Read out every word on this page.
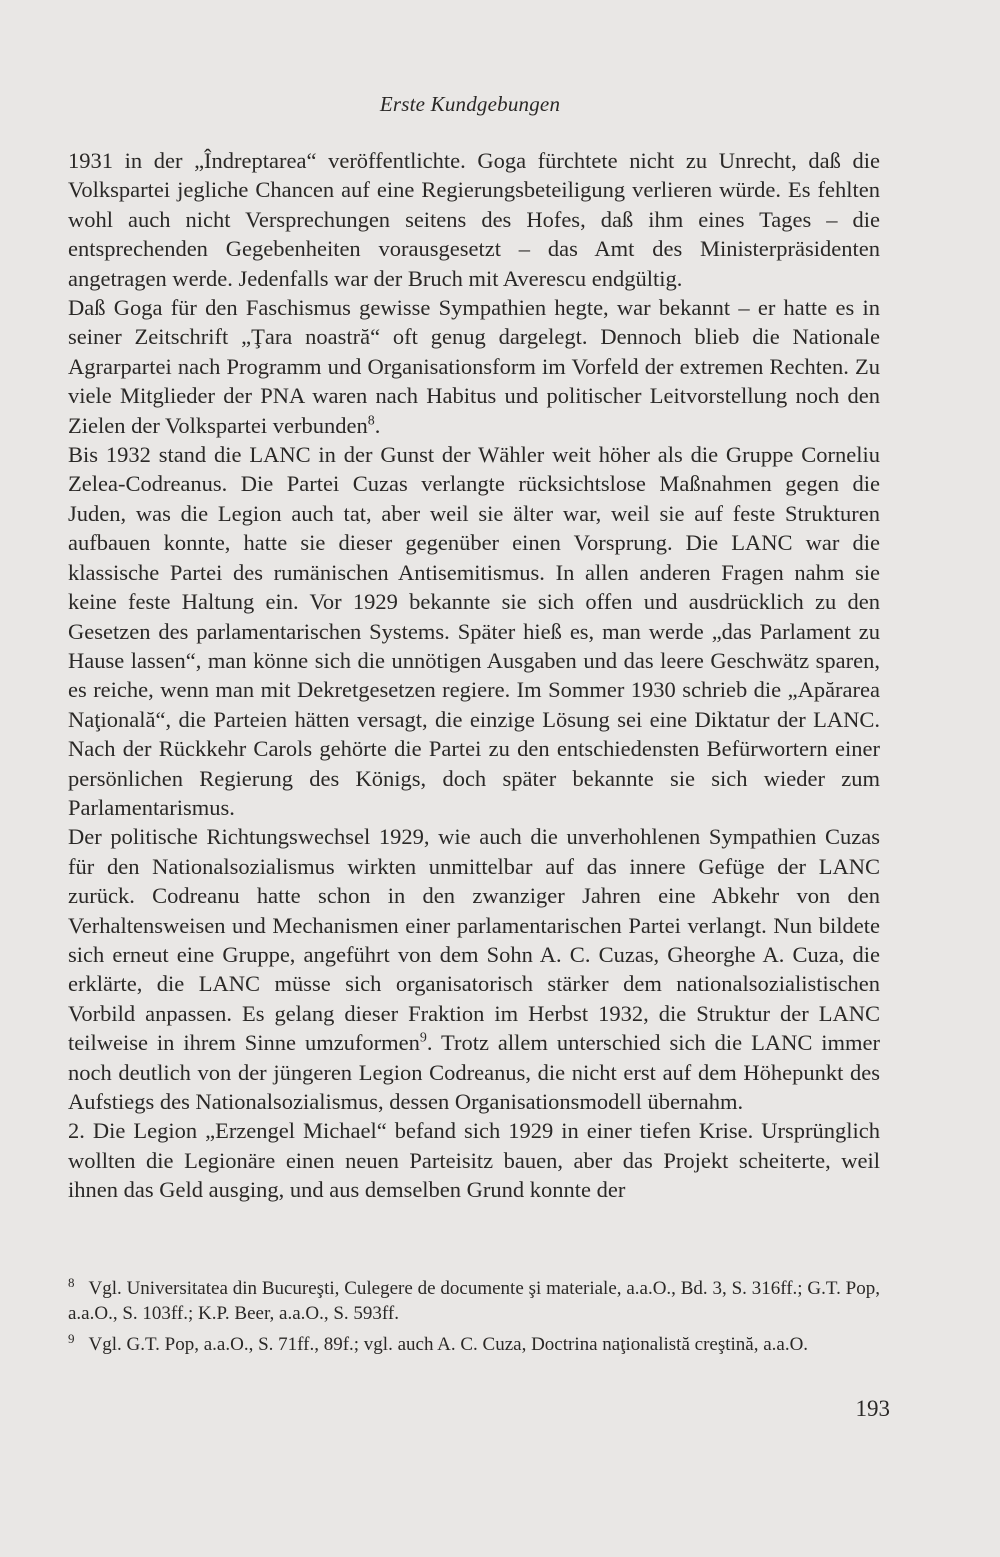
Erste Kundgebungen

1931 in der „Îndreptarea“ veröffentlichte. Goga fürchtete nicht zu Unrecht, daß die Volkspartei jegliche Chancen auf eine Regierungsbeteiligung verlieren würde. Es fehlten wohl auch nicht Versprechungen seitens des Hofes, daß ihm eines Tages – die entsprechenden Gegebenheiten vorausgesetzt – das Amt des Ministerpräsidenten angetragen werde. Jedenfalls war der Bruch mit Averescu endgültig.

Daß Goga für den Faschismus gewisse Sympathien hegte, war bekannt – er hatte es in seiner Zeitschrift „Ţara noastră“ oft genug dargelegt. Dennoch blieb die Nationale Agrarpartei nach Programm und Organisationsform im Vorfeld der extremen Rechten. Zu viele Mitglieder der PNA waren nach Habitus und politischer Leitvorstellung noch den Zielen der Volkspartei verbunden$^8$.

Bis 1932 stand die LANC in der Gunst der Wähler weit höher als die Gruppe Corneliu Zelea-Codreanus. Die Partei Cuzas verlangte rücksichtslose Maßnahmen gegen die Juden, was die Legion auch tat, aber weil sie älter war, weil sie auf feste Strukturen aufbauen konnte, hatte sie dieser gegenüber einen Vorsprung. Die LANC war die klassische Partei des rumänischen Antisemitismus. In allen anderen Fragen nahm sie keine feste Haltung ein. Vor 1929 bekannte sie sich offen und ausdrücklich zu den Gesetzen des parlamentarischen Systems. Später hieß es, man werde „das Parlament zu Hause lassen“, man könne sich die unnötigen Ausgaben und das leere Geschwätz sparen, es reiche, wenn man mit Dekretgesetzen regiere. Im Sommer 1930 schrieb die „Apărarea Naţională“, die Parteien hätten versagt, die einzige Lösung sei eine Diktatur der LANC. Nach der Rückkehr Carols gehörte die Partei zu den entschiedensten Befürwortern einer persönlichen Regierung des Königs, doch später bekannte sie sich wieder zum Parlamentarismus.

Der politische Richtungswechsel 1929, wie auch die unverhohlenen Sympathien Cuzas für den Nationalsozialismus wirkten unmittelbar auf das innere Gefüge der LANC zurück. Codreanu hatte schon in den zwanziger Jahren eine Abkehr von den Verhaltensweisen und Mechanismen einer parlamentarischen Partei verlangt. Nun bildete sich erneut eine Gruppe, angeführt von dem Sohn A. C. Cuzas, Gheorghe A. Cuza, die erklärte, die LANC müsse sich organisatorisch stärker dem nationalsozialistischen Vorbild anpassen. Es gelang dieser Fraktion im Herbst 1932, die Struktur der LANC teilweise in ihrem Sinne umzuformen$^9$. Trotz allem unterschied sich die LANC immer noch deutlich von der jüngeren Legion Codreanus, die nicht erst auf dem Höhepunkt des Aufstiegs des Nationalsozialismus, dessen Organisationsmodell übernahm.

2. Die Legion „Erzengel Michael“ befand sich 1929 in einer tiefen Krise. Ursprünglich wollten die Legionäre einen neuen Parteisitz bauen, aber das Projekt scheiterte, weil ihnen das Geld ausging, und aus demselben Grund konnte der

$^8$ Vgl. Universitatea din Bucureşti, Culegere de documente şi materiale, a.a.O., Bd. 3, S. 316ff.; G.T. Pop, a.a.O., S. 103ff.; K.P. Beer, a.a.O., S. 593ff.

$^9$ Vgl. G.T. Pop, a.a.O., S. 71ff., 89f.; vgl. auch A. C. Cuza, Doctrina naţionalistă creştină, a.a.O.

193
